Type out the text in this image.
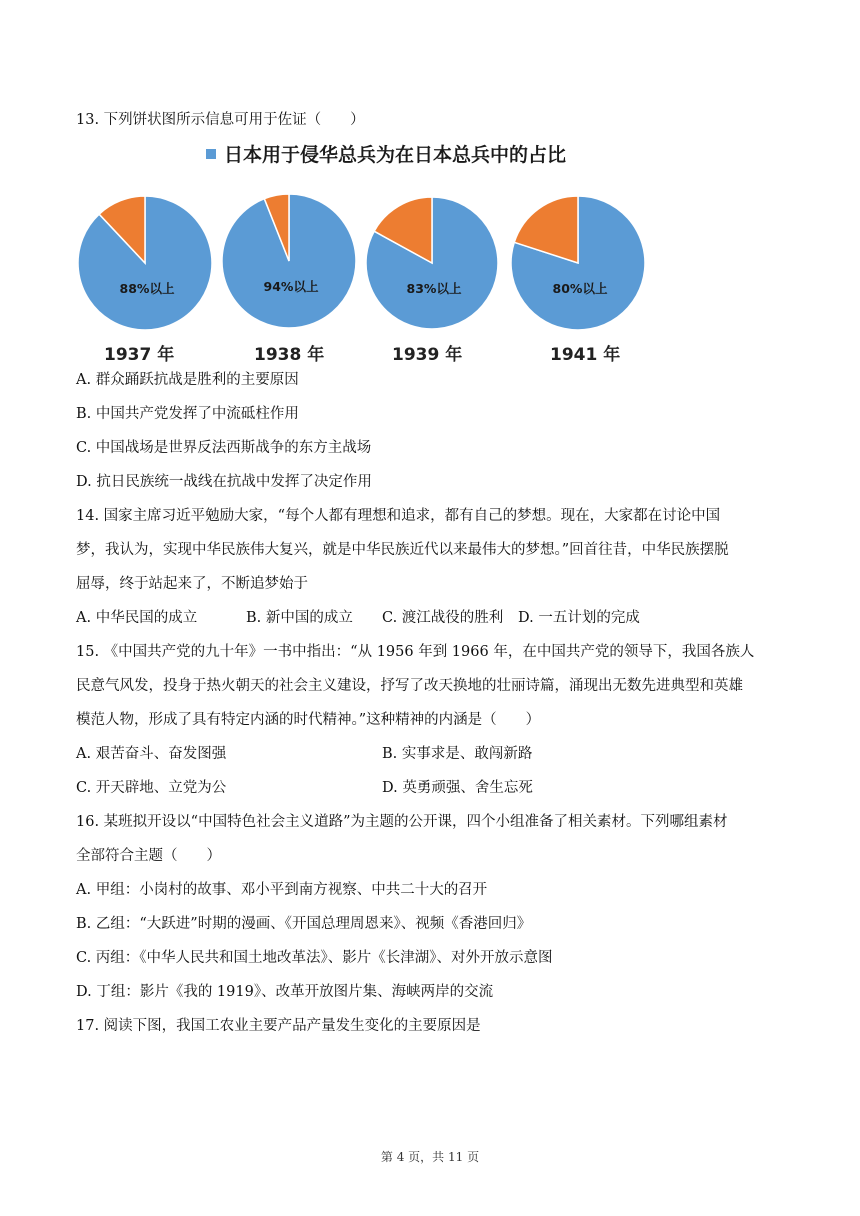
13. 下列饼状图所示信息可用于佐证（　　）
日本用于侵华总兵为在日本总兵中的占比
88%以上
1937 年
94%以上
1938 年
83%以上
1939 年
80%以上
1941 年
A. 群众踊跃抗战是胜利的主要原因
B. 中国共产党发挥了中流砥柱作用
C. 中国战场是世界反法西斯战争的东方主战场
D. 抗日民族统一战线在抗战中发挥了决定作用
14. 国家主席习近平勉励大家，“每个人都有理想和追求，都有自己的梦想。现在，大家都在讨论中国
梦，我认为，实现中华民族伟大复兴，就是中华民族近代以来最伟大的梦想。”回首往昔，中华民族摆脱
屈辱，终于站起来了，不断追梦始于
A. 中华民国的成立	B. 新中国的成立 C. 渡江战役的胜利 D. 一五计划的完成
15. 《中国共产党的九十年》一书中指出：“从 1956 年到 1966 年，在中国共产党的领导下，我国各族人
民意气风发，投身于热火朝天的社会主义建设，抒写了改天换地的壮丽诗篇，涌现出无数先进典型和英雄
模范人物，形成了具有特定内涵的时代精神。”这种精神的内涵是（　　）
A. 艰苦奋斗、奋发图强	B. 实事求是、敢闯新路
C. 开天辟地、立党为公	D. 英勇顽强、舍生忘死
16. 某班拟开设以“中国特色社会主义道路”为主题的公开课，四个小组准备了相关素材。下列哪组素材
全部符合主题（　　）
A. 甲组：小岗村的故事、邓小平到南方视察、中共二十大的召开
B. 乙组：“大跃进”时期的漫画、《开国总理周恩来》、视频《香港回归》
C. 丙组：《中华人民共和国土地改革法》、影片《长津湖》、对外开放示意图
D. 丁组：影片《我的 1919》、改革开放图片集、海峡两岸的交流
17. 阅读下图，我国工农业主要产品产量发生变化的主要原因是
第 4 页，共 11 页
